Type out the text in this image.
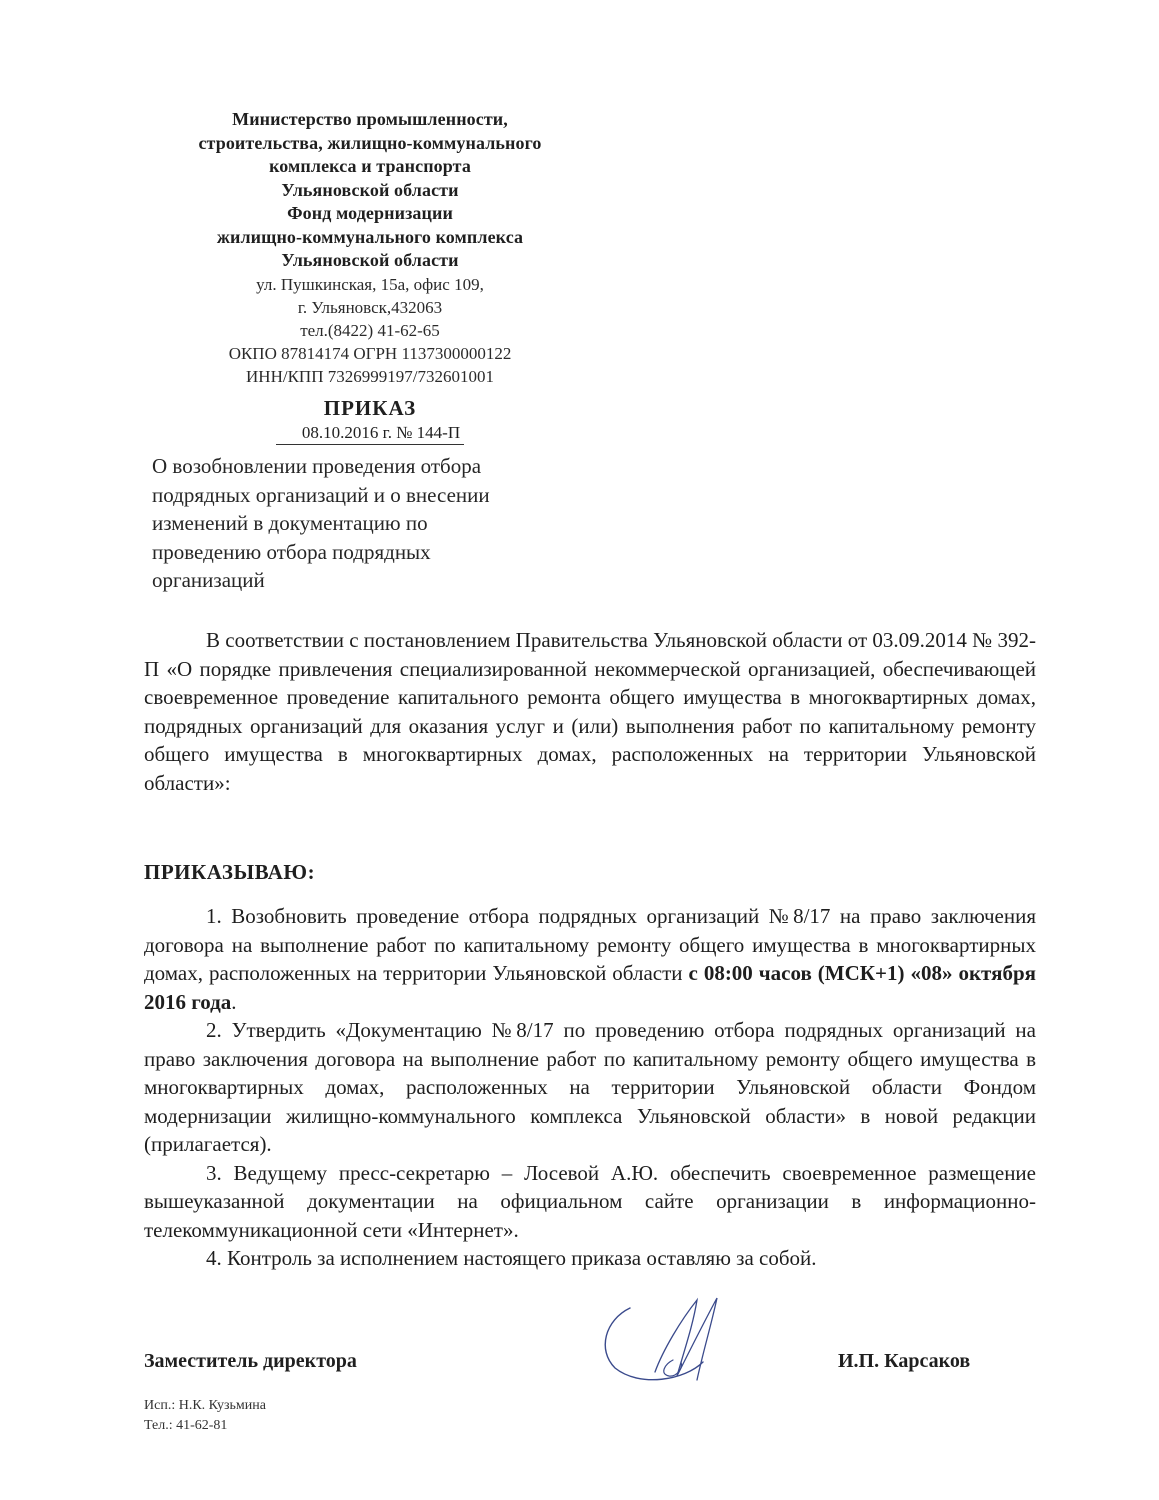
Министерство промышленности,
строительства, жилищно-коммунального
комплекса и транспорта
Ульяновской области
Фонд модернизации
жилищно-коммунального комплекса
Ульяновской области
ул. Пушкинская, 15а, офис 109,
г. Ульяновск,432063
тел.(8422) 41-62-65
ОКПО 87814174 ОГРН 1137300000122
ИНН/КПП 7326999197/732601001
ПРИКАЗ
08.10.2016 г. № 144-П
О возобновлении проведения отбора
подрядных организаций и о внесении
изменений в документацию по
проведению отбора подрядных
организаций

В соответствии с постановлением Правительства Ульяновской области от 03.09.2014 № 392-П «О порядке привлечения специализированной некоммерческой организацией, обеспечивающей своевременное проведение капитального ремонта общего имущества в многоквартирных домах, подрядных организаций для оказания услуг и (или) выполнения работ по капитальному ремонту общего имущества в многоквартирных домах, расположенных на территории Ульяновской области»:

ПРИКАЗЫВАЮ:

1. Возобновить проведение отбора подрядных организаций №8/17 на право заключения договора на выполнение работ по капитальному ремонту общего имущества в многоквартирных домах, расположенных на территории Ульяновской области с 08:00 часов (МСК+1) «08» октября 2016 года.

2. Утвердить «Документацию №8/17 по проведению отбора подрядных организаций на право заключения договора на выполнение работ по капитальному ремонту общего имущества в многоквартирных домах, расположенных на территории Ульяновской области Фондом модернизации жилищно-коммунального комплекса Ульяновской области» в новой редакции (прилагается).

3. Ведущему пресс-секретарю – Лосевой А.Ю. обеспечить своевременное размещение вышеуказанной документации на официальном сайте организации в информационно-телекоммуникационной сети «Интернет».

4. Контроль за исполнением настоящего приказа оставляю за собой.

Заместитель директора	И.П. Карсаков
Исп.: Н.К. Кузьмина
Тел.: 41-62-81
